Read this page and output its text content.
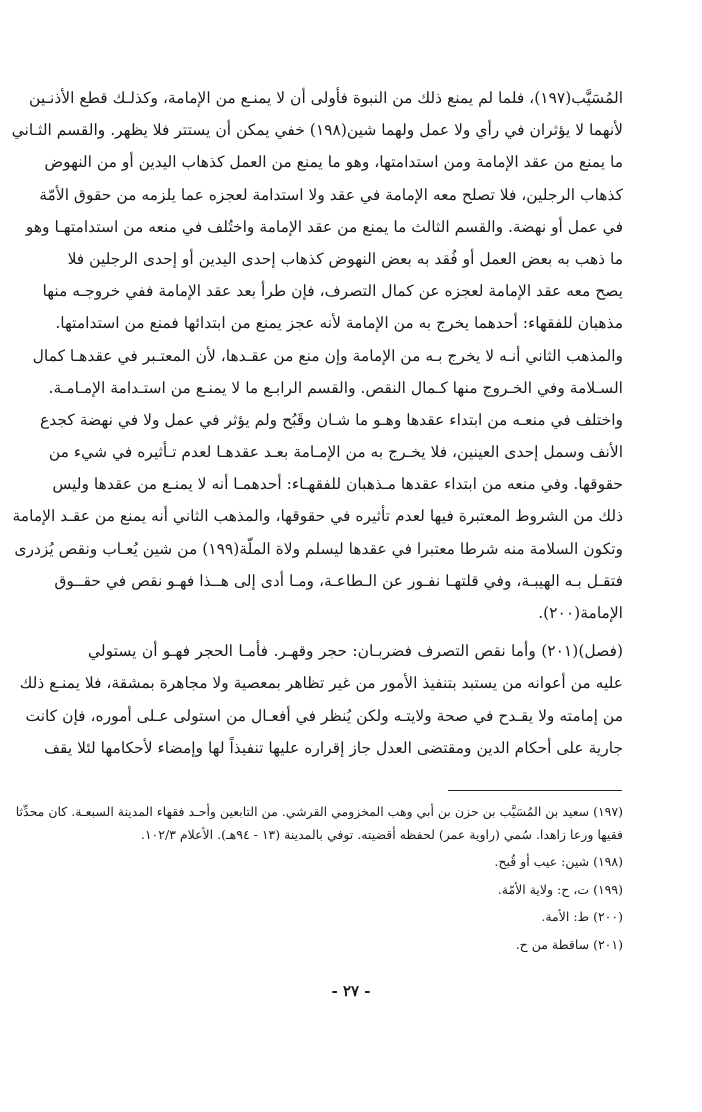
المُسَيَّب(١٩٧)، فلما لم يمنع ذلك من النبوة فأولى أن لا يمنـع من الإمامة، وكذلـك قطع الأذنـين
لأنهما لا يؤثران في رأي ولا عمل ولهما شين(١٩٨) خفي يمكن أن يستتر فلا يظهر. والقسم الثـاني
ما يمنع من عقد الإمامة ومن استدامتها، وهو ما يمنع من العمل كذهاب اليدين أو من النهوض
كذهاب الرجلين، فلا تصلح معه الإمامة في عقد ولا استدامة لعجزه عما يلزمه من حقوق الأمّة
في عمل أو نهضة. والقسم الثالث ما يمنع من عقد الإمامة واختُلف في منعه من استدامتهـا وهو
ما ذهب به بعض العمل أو فُقد به بعض النهوض كذهاب إحدى اليدين أو إحدى الرجلين فلا
يصح معه عقد الإمامة لعجزه عن كمال التصرف، فإن طرأ بعد عقد الإمامة ففي خروجـه منها
مذهبان للفقهاء: أحدهما يخرج به من الإمامة لأنه عجز يمنع من ابتدائها فمنع من استدامتها.
والمذهب الثاني أنـه لا يخرج بـه من الإمامة وإن منع من عقـدها، لأن المعتـبر في عقدهـا كمال
السـلامة وفي الخـروج منها كـمال النقص. والقسم الرابـع ما لا يمنـع من استـدامة الإمـامـة.
واختلف في منعـه من ابتداء عقدها وهـو ما شـان وقَبُح ولم يؤثر في عمل ولا في نهضة كجدع
الأنف وسمل إحدى العينين، فلا يخـرج به من الإمـامة بعـد عقدهـا لعدم تـأثيره في شيء من
حقوقها. وفي منعه من ابتداء عقدها مـذهبان للفقهـاء: أحدهمـا أنه لا يمنـع من عقدها وليس
ذلك من الشروط المعتبرة فيها لعدم تأثيره في حقوقها، والمذهب الثاني أنه يمنع من عقـد الإمامة
وتكون السلامة منه شرطا معتبرا في عقدها ليسلم ولاة الملّة(١٩٩) من شين يُعـاب ونقص يُزدرى
فتقـل بـه الهيبـة، وفي قلتهـا نفـور عن الـطاعـة، ومـا أدى إلى هــذا فهـو نقص في حقــوق
الإمامة(٢٠٠).
(فصل)(٢٠١) وأما نقص التصرف فضربـان: حجر وقهـر. فأمـا الحجر فهـو أن يستولي
عليه من أعوانه من يستبد بتنفيذ الأمور من غير تظاهر بمعصية ولا مجاهرة بمشقة، فلا يمنـع ذلك
من إمامته ولا يقـدح في صحة ولايتـه ولكن يُنظر في أفعـال من استولى عـلى أموره، فإن كانت
جارية على أحكام الدين ومقتضى العدل جاز إقراره عليها تنفيذاً لها وإمضاء لأحكامها لئلا يقف
(١٩٧) سعيد بن المُسَيَّب بن حزن بن أبي وهب المخزومي القرشي. من التابعين وأحـد فقهاء المدينة السبعـة. كان محدِّثا
فقيها ورعا زاهدا. سُمي (راوية عمر) لحفظه أقضيته. توفي بالمدينة (١٣ - ٩٤هـ). الأعلام ١٠٢/٣.
(١٩٨) شين: عيب أو قُبح.
(١٩٩) ت، ح: ولاية الأمّة.
(٢٠٠) ط: الأمة.
(٢٠١) ساقطة من ح.
- ٢٧ -
